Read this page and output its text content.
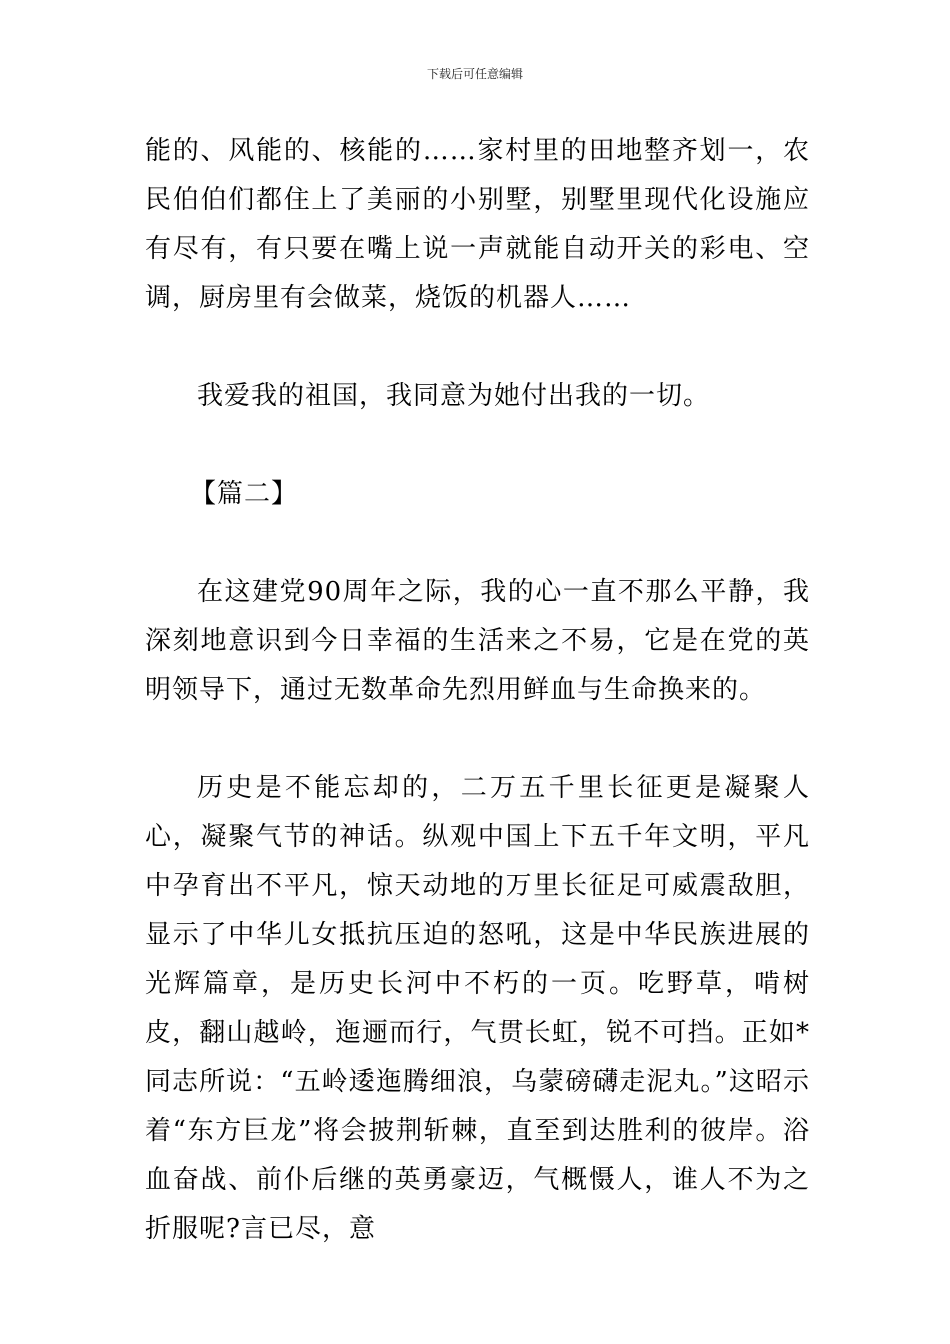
下载后可任意编辑

能的、风能的、核能的……家村里的田地整齐划一，农民伯伯们都住上了美丽的小别墅，别墅里现代化设施应有尽有，有只要在嘴上说一声就能自动开关的彩电、空调，厨房里有会做菜，烧饭的机器人……

我爱我的祖国，我同意为她付出我的一切。

【篇二】

在这建党90周年之际，我的心一直不那么平静，我深刻地意识到今日幸福的生活来之不易，它是在党的英明领导下，通过无数革命先烈用鲜血与生命换来的。

历史是不能忘却的，二万五千里长征更是凝聚人心，凝聚气节的神话。纵观中国上下五千年文明，平凡中孕育出不平凡，惊天动地的万里长征足可威震敌胆，显示了中华儿女抵抗压迫的怒吼，这是中华民族进展的光辉篇章，是历史长河中不朽的一页。吃野草，啃树皮，翻山越岭，迤逦而行，气贯长虹，锐不可挡。正如*同志所说：“五岭逶迤腾细浪，乌蒙磅礴走泥丸。”这昭示着“东方巨龙”将会披荆斩棘，直至到达胜利的彼岸。浴血奋战、前仆后继的英勇豪迈，气概慑人，谁人不为之折服呢?言已尽，意
